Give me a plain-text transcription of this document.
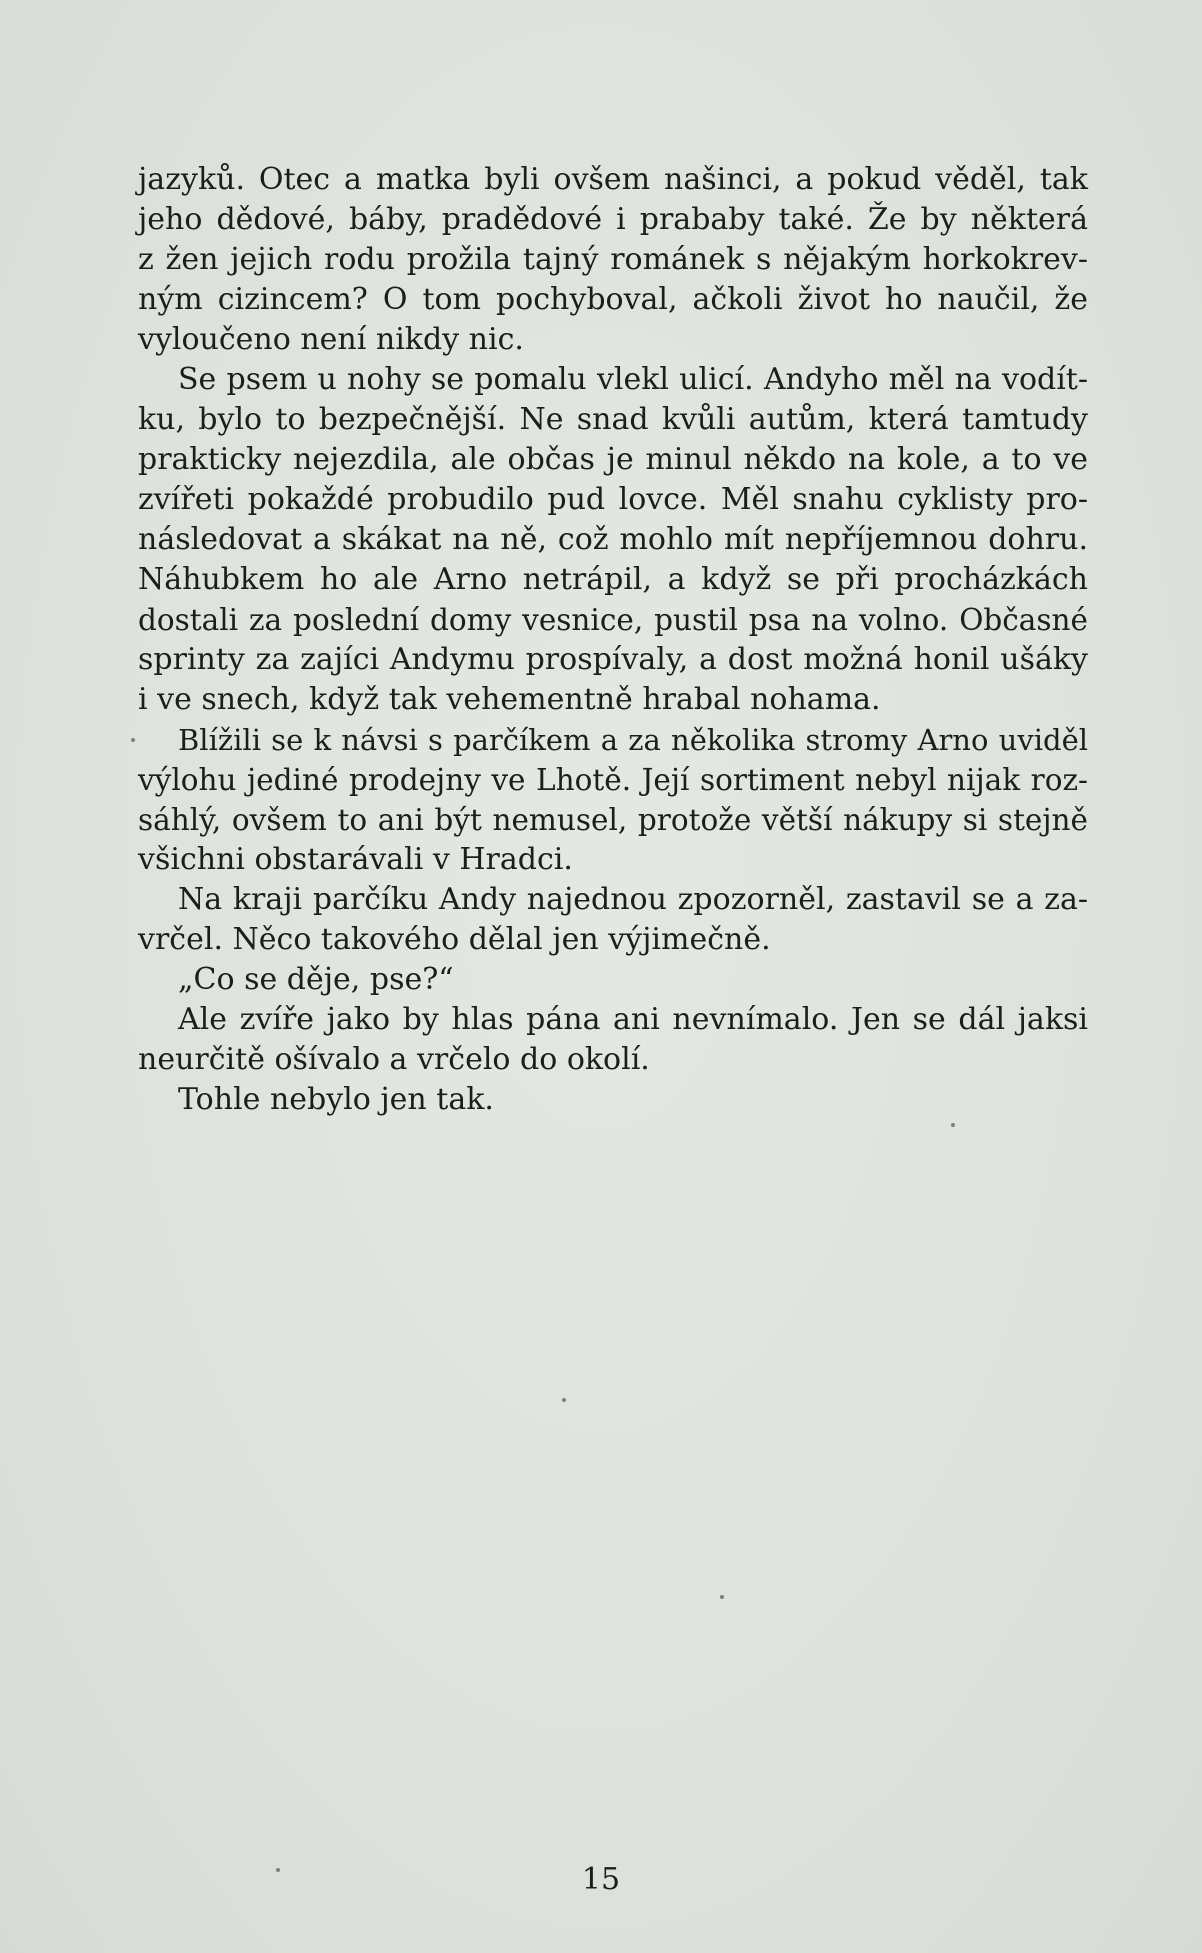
jazyků. Otec a matka byli ovšem našinci, a pokud věděl, tak
jeho dědové, báby, pradědové i prababy také. Že by některá
z žen jejich rodu prožila tajný románek s nějakým horkokrev-
ným cizincem? O tom pochyboval, ačkoli život ho naučil, že
vyloučeno není nikdy nic.
Se psem u nohy se pomalu vlekl ulicí. Andyho měl na vodít-
ku, bylo to bezpečnější. Ne snad kvůli autům, která tamtudy
prakticky nejezdila, ale občas je minul někdo na kole, a to ve
zvířeti pokaždé probudilo pud lovce. Měl snahu cyklisty pro-
následovat a skákat na ně, což mohlo mít nepříjemnou dohru.
Náhubkem ho ale Arno netrápil, a když se při procházkách
dostali za poslední domy vesnice, pustil psa na volno. Občasné
sprinty za zajíci Andymu prospívaly, a dost možná honil ušáky
i ve snech, když tak vehementně hrabal nohama.
Blížili se k návsi s parčíkem a za několika stromy Arno uviděl
výlohu jediné prodejny ve Lhotě. Její sortiment nebyl nijak roz-
sáhlý, ovšem to ani být nemusel, protože větší nákupy si stejně
všichni obstarávali v Hradci.
Na kraji parčíku Andy najednou zpozorněl, zastavil se a za-
vrčel. Něco takového dělal jen výjimečně.
„Co se děje, pse?“
Ale zvíře jako by hlas pána ani nevnímalo. Jen se dál jaksi
neurčitě ošívalo a vrčelo do okolí.
Tohle nebylo jen tak.
15
